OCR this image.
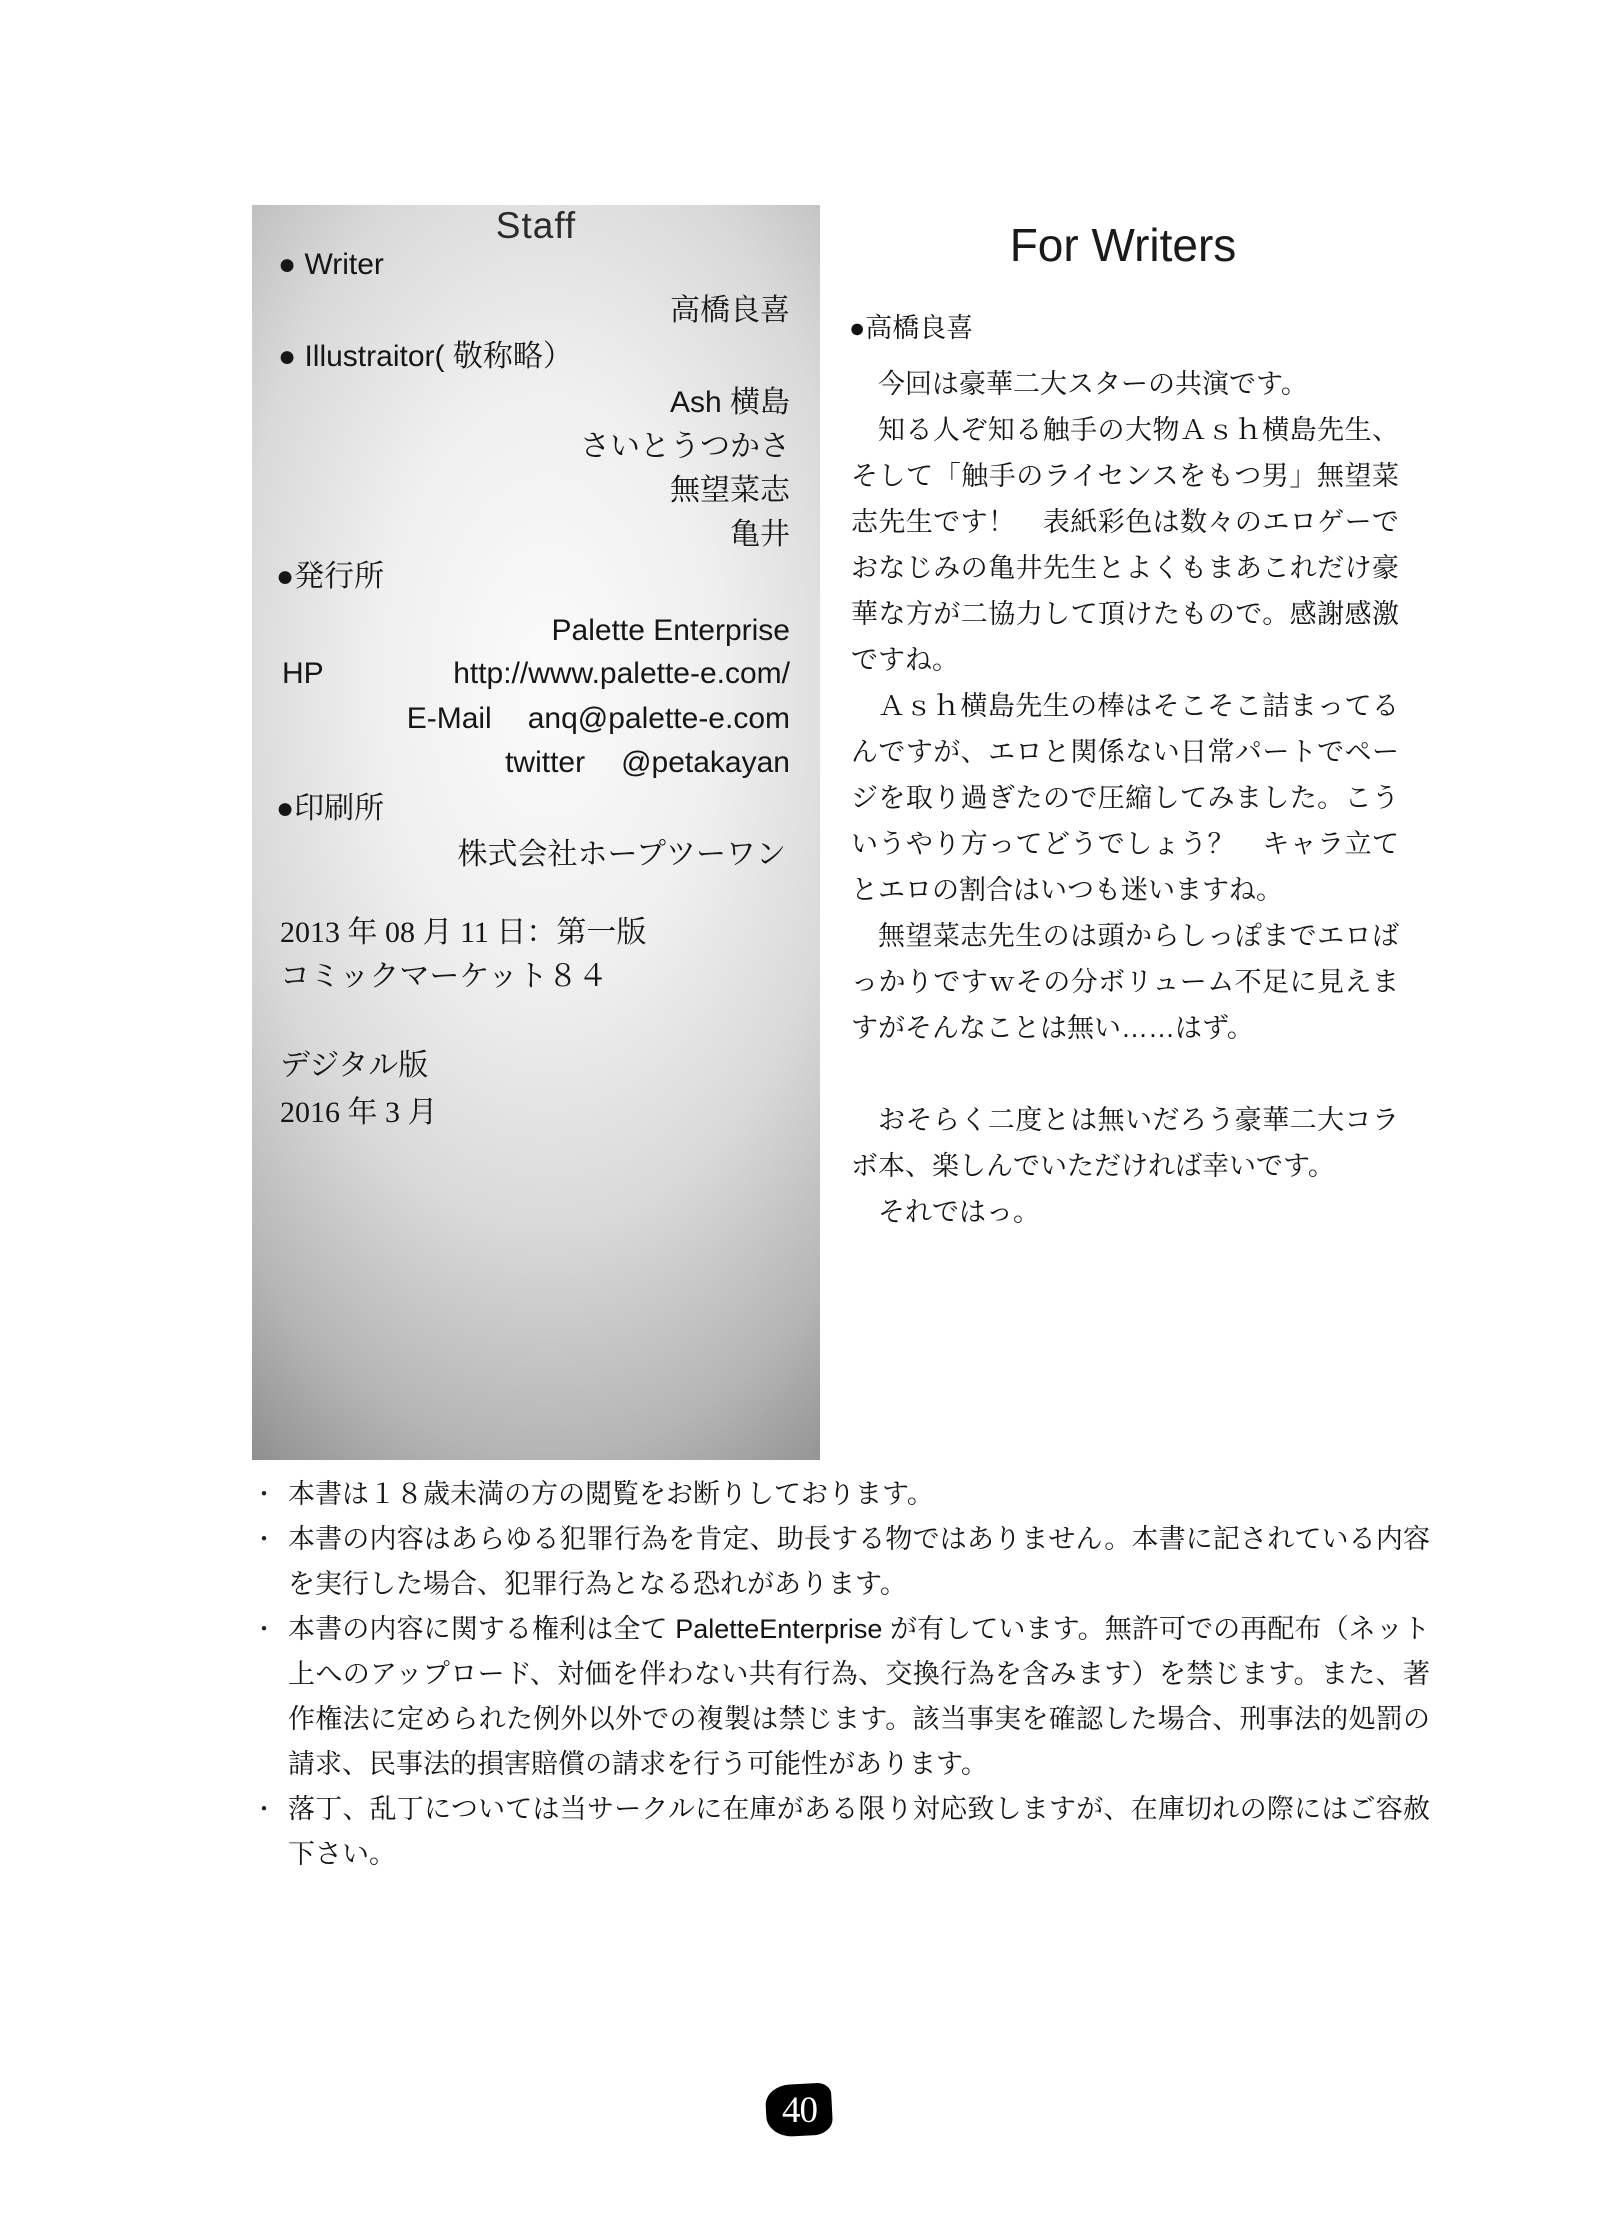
Staff
● Writer
高橋良喜
● Illustraitor( 敬称略）
Ash 横島
さいとうつかさ
無望菜志
亀井
●発行所
Palette Enterprise
HP	http://www.palette-e.com/
E-Mail anq@palette-e.com
twitter @petakayan
●印刷所
株式会社ホープツーワン
2013 年 08 月 11 日：第一版
コミックマーケット８４
デジタル版
2016 年 3 月
For Writers
●高橋良喜

今回は豪華二大スターの共演です。

知る人ぞ知る触手の大物Ａｓｈ横島先生、そして「触手のライセンスをもつ男」無望菜志先生です！　表紙彩色は数々のエロゲーでおなじみの亀井先生とよくもまあこれだけ豪華な方が二協力して頂けたもので。感謝感激ですね。

Ａｓｈ横島先生の棒はそこそこ詰まってるんですが、エロと関係ない日常パートでページを取り過ぎたので圧縮してみました。こういうやり方ってどうでしょう？　キャラ立てとエロの割合はいつも迷いますね。

無望菜志先生のは頭からしっぽまでエロばっかりですｗその分ボリューム不足に見えますがそんなことは無い……はず。

おそらく二度とは無いだろう豪華二大コラボ本、楽しんでいただければ幸いです。

それではっ。

・ 本書は１８歳未満の方の閲覧をお断りしております。
・ 本書の内容はあらゆる犯罪行為を肯定、助長する物ではありません。本書に記されている内容を実行した場合、犯罪行為となる恐れがあります。
・ 本書の内容に関する権利は全て PaletteEnterprise が有しています。無許可での再配布（ネット上へのアップロード、対価を伴わない共有行為、交換行為を含みます）を禁じます。また、著作権法に定められた例外以外での複製は禁じます。該当事実を確認した場合、刑事法的処罰の請求、民事法的損害賠償の請求を行う可能性があります。
・ 落丁、乱丁については当サークルに在庫がある限り対応致しますが、在庫切れの際にはご容赦下さい。
40
